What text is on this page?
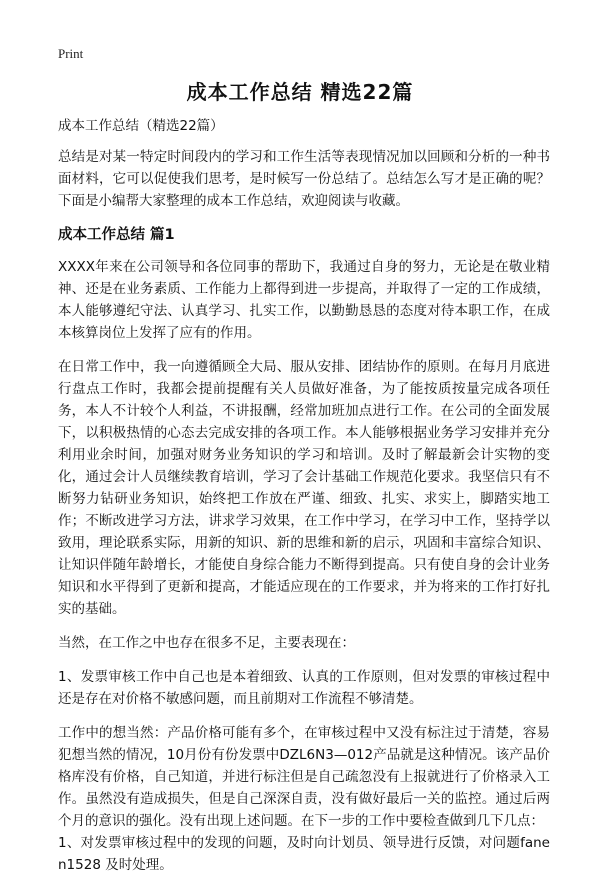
Print
成本工作总结 精选22篇
成本工作总结（精选22篇）

总结是对某一特定时间段内的学习和工作生活等表现情况加以回顾和分析的一种书面材料，它可以促使我们思考，是时候写一份总结了。总结怎么写才是正确的呢？下面是小编帮大家整理的成本工作总结，欢迎阅读与收藏。

成本工作总结 篇1

XXXX年来在公司领导和各位同事的帮助下，我通过自身的努力，无论是在敬业精神、还是在业务素质、工作能力上都得到进一步提高，并取得了一定的工作成绩，本人能够遵纪守法、认真学习、扎实工作，以勤勤恳恳的态度对待本职工作，在成本核算岗位上发挥了应有的作用。

在日常工作中，我一向遵循顾全大局、服从安排、团结协作的原则。在每月月底进行盘点工作时，我都会提前提醒有关人员做好准备，为了能按质按量完成各项任务，本人不计较个人利益，不讲报酬，经常加班加点进行工作。在公司的全面发展下，以积极热情的心态去完成安排的各项工作。本人能够根据业务学习安排并充分利用业余时间，加强对财务业务知识的学习和培训。及时了解最新会计实物的变化，通过会计人员继续教育培训，学习了会计基础工作规范化要求。我坚信只有不断努力钻研业务知识，始终把工作放在严谨、细致、扎实、求实上，脚踏实地工作；不断改进学习方法，讲求学习效果，在工作中学习，在学习中工作，坚持学以致用，理论联系实际，用新的知识、新的思维和新的启示，巩固和丰富综合知识、让知识伴随年龄增长，才能使自身综合能力不断得到提高。只有使自身的会计业务知识和水平得到了更新和提高，才能适应现在的工作要求，并为将来的工作打好扎实的基础。

当然，在工作之中也存在很多不足，主要表现在：

1、发票审核工作中自己也是本着细致、认真的工作原则，但对发票的审核过程中还是存在对价格不敏感问题，而且前期对工作流程不够清楚。

工作中的想当然：产品价格可能有多个，在审核过程中又没有标注过于清楚，容易犯想当然的情况，10月份有份发票中DZL6N3—012产品就是这种情况。该产品价格库没有价格，自己知道，并进行标注但是自己疏忽没有上报就进行了价格录入工作。虽然没有造成损失，但是自己深深自责，没有做好最后一关的监控。通过后两个月的意识的强化。没有出现上述问题。在下一步的工作中要检查做到几下几点：

1、对发票审核过程中的发现的问题，及时向计划员、领导进行反馈，对问题fanen1528 及时处理。
